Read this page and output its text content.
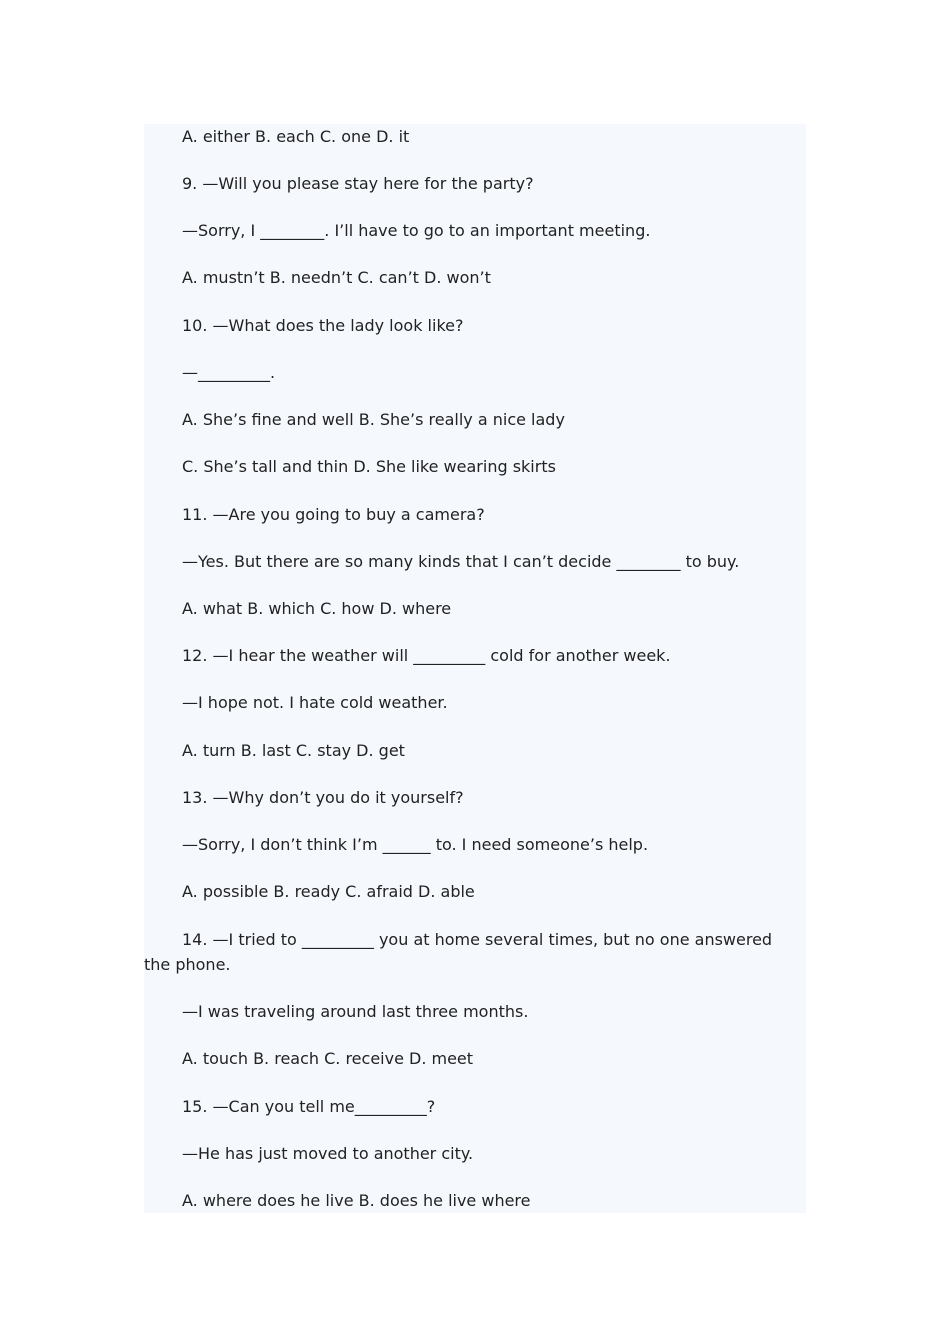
A. either B. each C. one D. it

9. —Will you please stay here for the party?

—Sorry, I ________. I’ll have to go to an important meeting.

A. mustn’t B. needn’t C. can’t D. won’t

10. —What does the lady look like?

—_________.

A. She’s fine and well B. She’s really a nice lady

C. She’s tall and thin D. She like wearing skirts

11. —Are you going to buy a camera?

—Yes. But there are so many kinds that I can’t decide ________ to buy.

A. what B. which C. how D. where

12. —I hear the weather will _________ cold for another week.

—I hope not. I hate cold weather.

A. turn B. last C. stay D. get

13. —Why don’t you do it yourself?

—Sorry, I don’t think I’m ______ to. I need someone’s help.

A. possible B. ready C. afraid D. able

14. —I tried to _________ you at home several times, but no one answered

the phone.

—I was traveling around last three months.

A. touch B. reach C. receive D. meet

15. —Can you tell me_________?

—He has just moved to another city.

A. where does he live B. does he live where
